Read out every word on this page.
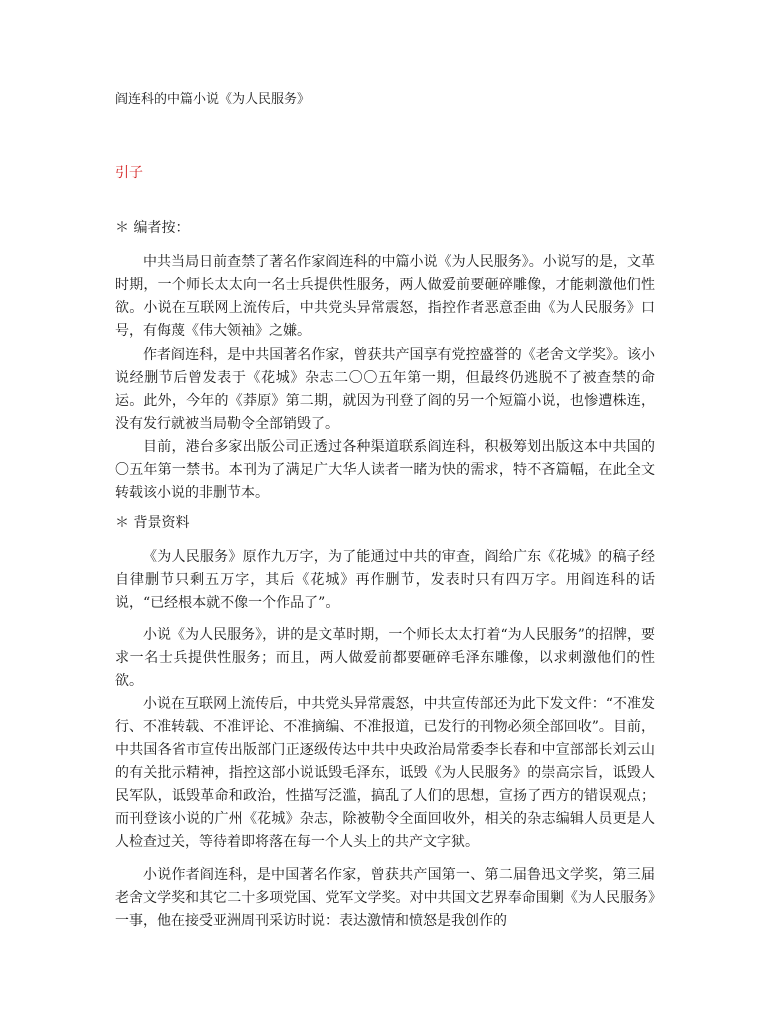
阎连科的中篇小说《为人民服务》
引子
＊ 编者按：

中共当局日前查禁了著名作家阎连科的中篇小说《为人民服务》。小说写的是，文革时期，一个师长太太向一名士兵提供性服务，两人做爱前要砸碎雕像，才能刺激他们性欲。小说在互联网上流传后，中共党头异常震怒，指控作者恶意歪曲《为人民服务》口号，有侮蔑《伟大领袖》之嫌。

作者阎连科，是中共国著名作家，曾获共产国享有党控盛誉的《老舍文学奖》。该小说经删节后曾发表于《花城》杂志二〇〇五年第一期，但最终仍逃脱不了被查禁的命运。此外，今年的《莽原》第二期，就因为刊登了阎的另一个短篇小说，也惨遭株连，没有发行就被当局勒令全部销毁了。

目前，港台多家出版公司正透过各种渠道联系阎连科，积极筹划出版这本中共国的〇五年第一禁书。本刊为了满足广大华人读者一睹为快的需求，特不吝篇幅，在此全文转载该小说的非删节本。

＊ 背景资料

《为人民服务》原作九万字，为了能通过中共的审查，阎给广东《花城》的稿子经自律删节只剩五万字，其后《花城》再作删节，发表时只有四万字。用阎连科的话说，“已经根本就不像一个作品了”。

小说《为人民服务》，讲的是文革时期，一个师长太太打着“为人民服务”的招牌，要求一名士兵提供性服务；而且，两人做爱前都要砸碎毛泽东雕像，以求刺激他们的性欲。

小说在互联网上流传后，中共党头异常震怒，中共宣传部还为此下发文件：“不准发行、不准转载、不准评论、不准摘编、不准报道，已发行的刊物必须全部回收”。目前，中共国各省市宣传出版部门正逐级传达中共中央政治局常委李长春和中宣部部长刘云山的有关批示精神，指控这部小说诋毁毛泽东，诋毁《为人民服务》的崇高宗旨，诋毁人民军队，诋毁革命和政治，性描写泛滥，搞乱了人们的思想，宣扬了西方的错误观点；而刊登该小说的广州《花城》杂志，除被勒令全面回收外，相关的杂志编辑人员更是人人检查过关，等待着即将落在每一个人头上的共产文字狱。

小说作者阎连科，是中国著名作家，曾获共产国第一、第二届鲁迅文学奖，第三届老舍文学奖和其它二十多项党国、党军文学奖。对中共国文艺界奉命围剿《为人民服务》一事，他在接受亚洲周刊采访时说：表达激情和愤怒是我创作的
